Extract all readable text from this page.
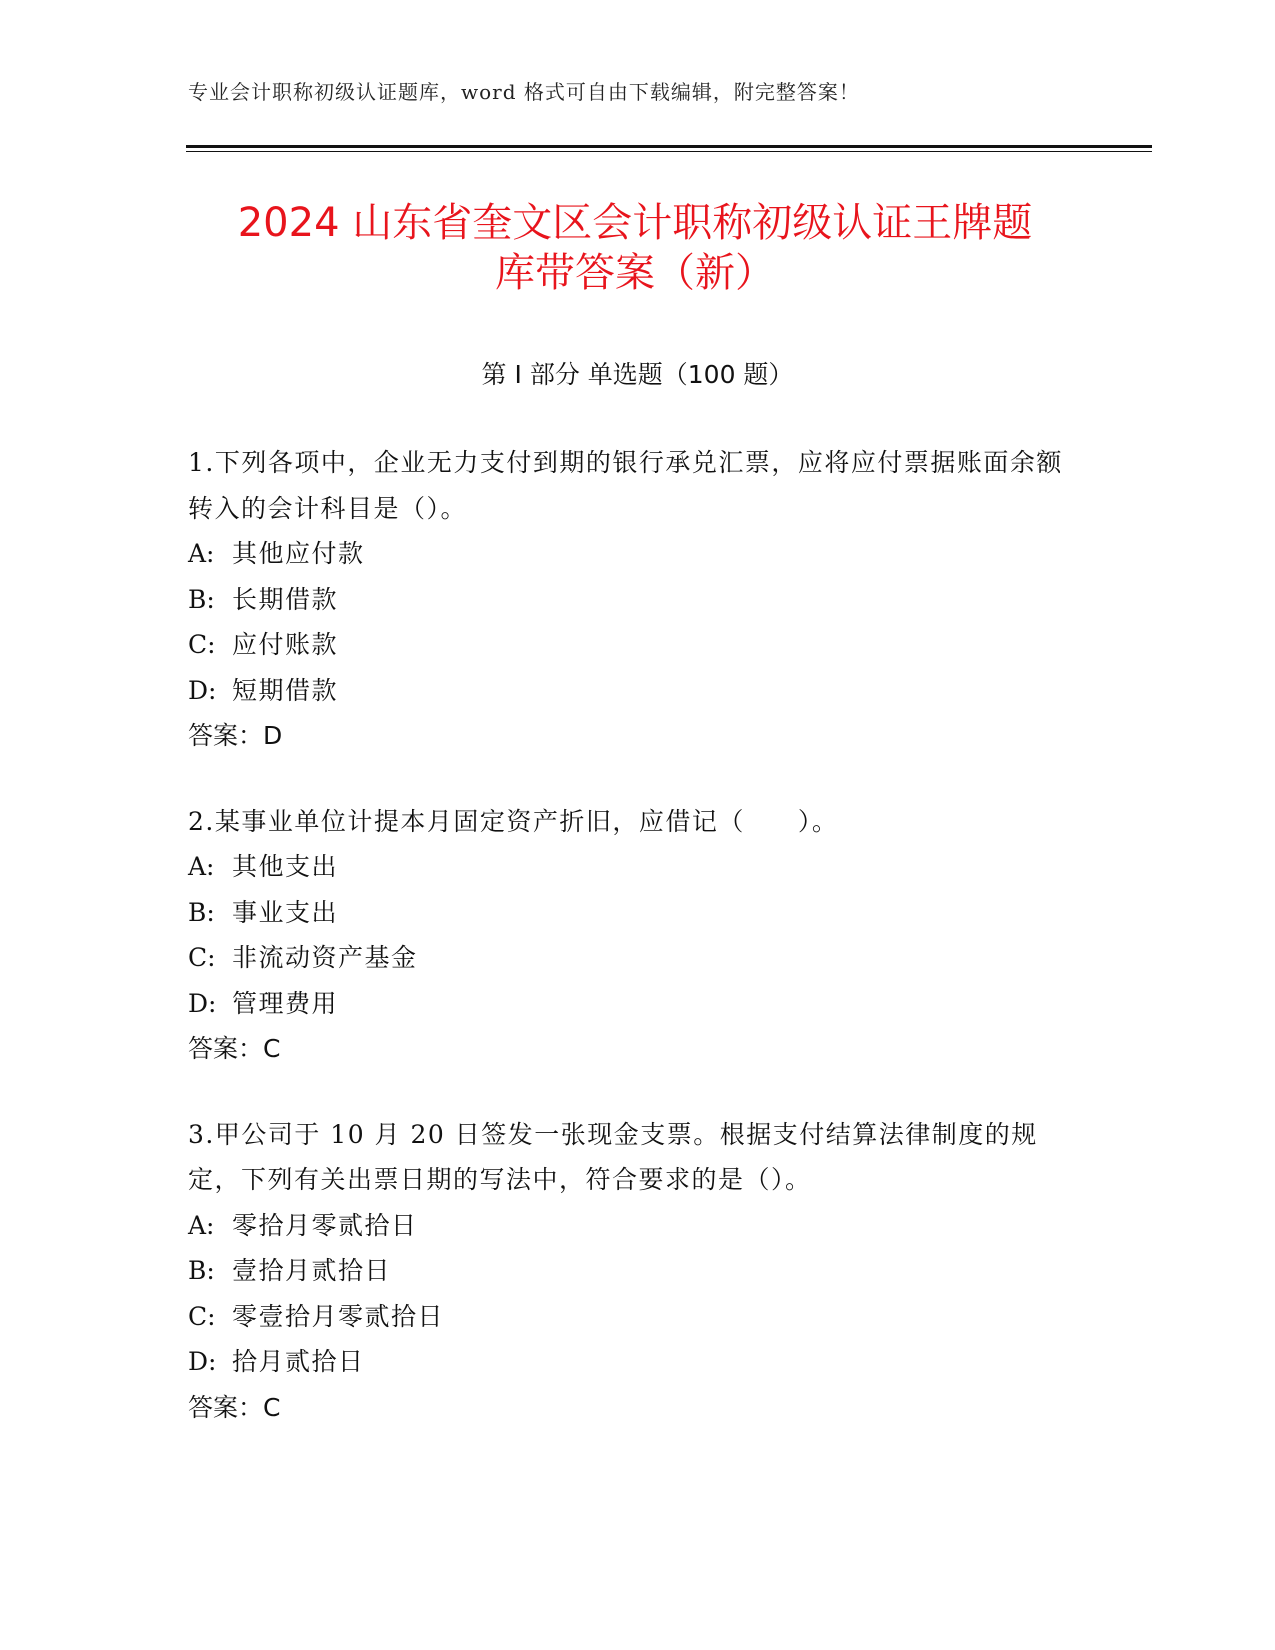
专业会计职称初级认证题库，word 格式可自由下载编辑，附完整答案！
2024 山东省奎文区会计职称初级认证王牌题
库带答案（新）
第 I 部分 单选题（100 题）
1.下列各项中，企业无力支付到期的银行承兑汇票，应将应付票据账面余额转入的会计科目是（）。
A: 其他应付款
B: 长期借款
C: 应付账款
D: 短期借款
答案：D
2.某事业单位计提本月固定资产折旧，应借记（　　）。
A: 其他支出
B: 事业支出
C: 非流动资产基金
D: 管理费用
答案：C
3.甲公司于 10 月 20 日签发一张现金支票。根据支付结算法律制度的规定，下列有关出票日期的写法中，符合要求的是（）。
A: 零拾月零贰拾日
B: 壹拾月贰拾日
C: 零壹拾月零贰拾日
D: 拾月贰拾日
答案：C
